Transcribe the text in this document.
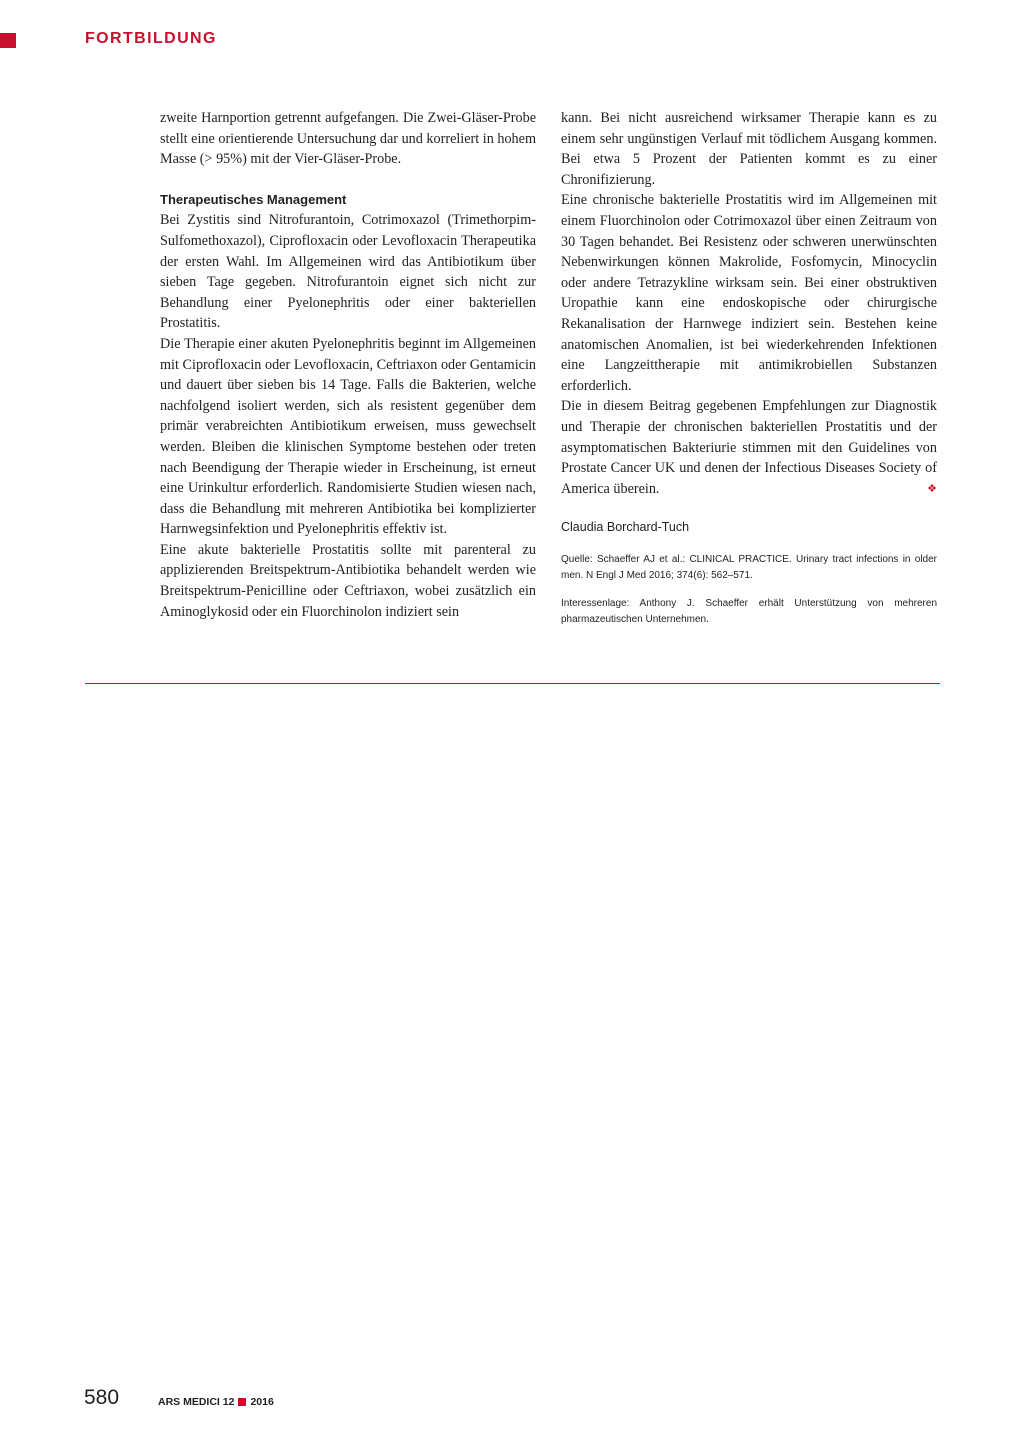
FORTBILDUNG

zweite Harnportion getrennt aufgefangen. Die Zwei-Gläser-Probe stellt eine orientierende Untersuchung dar und korreliert in hohem Masse (> 95%) mit der Vier-Gläser-Probe.

Therapeutisches Management

Bei Zystitis sind Nitrofurantoin, Cotrimoxazol (Trimethorpim-Sulfomethoxazol), Ciprofloxacin oder Levofloxacin Therapeutika der ersten Wahl. Im Allgemeinen wird das Antibiotikum über sieben Tage gegeben. Nitrofurantoin eignet sich nicht zur Behandlung einer Pyelonephritis oder einer bakteriellen Prostatitis.

Die Therapie einer akuten Pyelonephritis beginnt im Allgemeinen mit Ciprofloxacin oder Levofloxacin, Ceftriaxon oder Gentamicin und dauert über sieben bis 14 Tage. Falls die Bakterien, welche nachfolgend isoliert werden, sich als resistent gegenüber dem primär verabreichten Antibiotikum erweisen, muss gewechselt werden. Bleiben die klinischen Symptome bestehen oder treten nach Beendigung der Therapie wieder in Erscheinung, ist erneut eine Urinkultur erforderlich. Randomisierte Studien wiesen nach, dass die Behandlung mit mehreren Antibiotika bei komplizierter Harnwegsinfektion und Pyelonephritis effektiv ist.

Eine akute bakterielle Prostatitis sollte mit parenteral zu applizierenden Breitspektrum-Antibiotika behandelt werden wie Breitspektrum-Penicilline oder Ceftriaxon, wobei zusätzlich ein Aminoglykosid oder ein Fluorchinolon indiziert sein

kann. Bei nicht ausreichend wirksamer Therapie kann es zu einem sehr ungünstigen Verlauf mit tödlichem Ausgang kommen. Bei etwa 5 Prozent der Patienten kommt es zu einer Chronifizierung.

Eine chronische bakterielle Prostatitis wird im Allgemeinen mit einem Fluorchinolon oder Cotrimoxazol über einen Zeitraum von 30 Tagen behandet. Bei Resistenz oder schweren unerwünschten Nebenwirkungen können Makrolide, Fosfomycin, Minocyclin oder andere Tetrazykline wirksam sein. Bei einer obstruktiven Uropathie kann eine endoskopische oder chirurgische Rekanalisation der Harnwege indiziert sein. Bestehen keine anatomischen Anomalien, ist bei wiederkehrenden Infektionen eine Langzeittherapie mit antimikrobiellen Substanzen erforderlich.

Die in diesem Beitrag gegebenen Empfehlungen zur Diagnostik und Therapie der chronischen bakteriellen Prostatitis und der asymptomatischen Bakteriurie stimmen mit den Guidelines von Prostate Cancer UK und denen der Infectious Diseases Society of America überein.	❖

Claudia Borchard-Tuch
Quelle: Schaeffer AJ et al.: CLINICAL PRACTICE. Urinary tract infections in older men. N Engl J Med 2016; 374(6): 562–571.
Interessenlage: Anthony J. Schaeffer erhält Unterstützung von mehreren pharmazeutischen Unternehmen.
580	ARS MEDICI 12 2016
